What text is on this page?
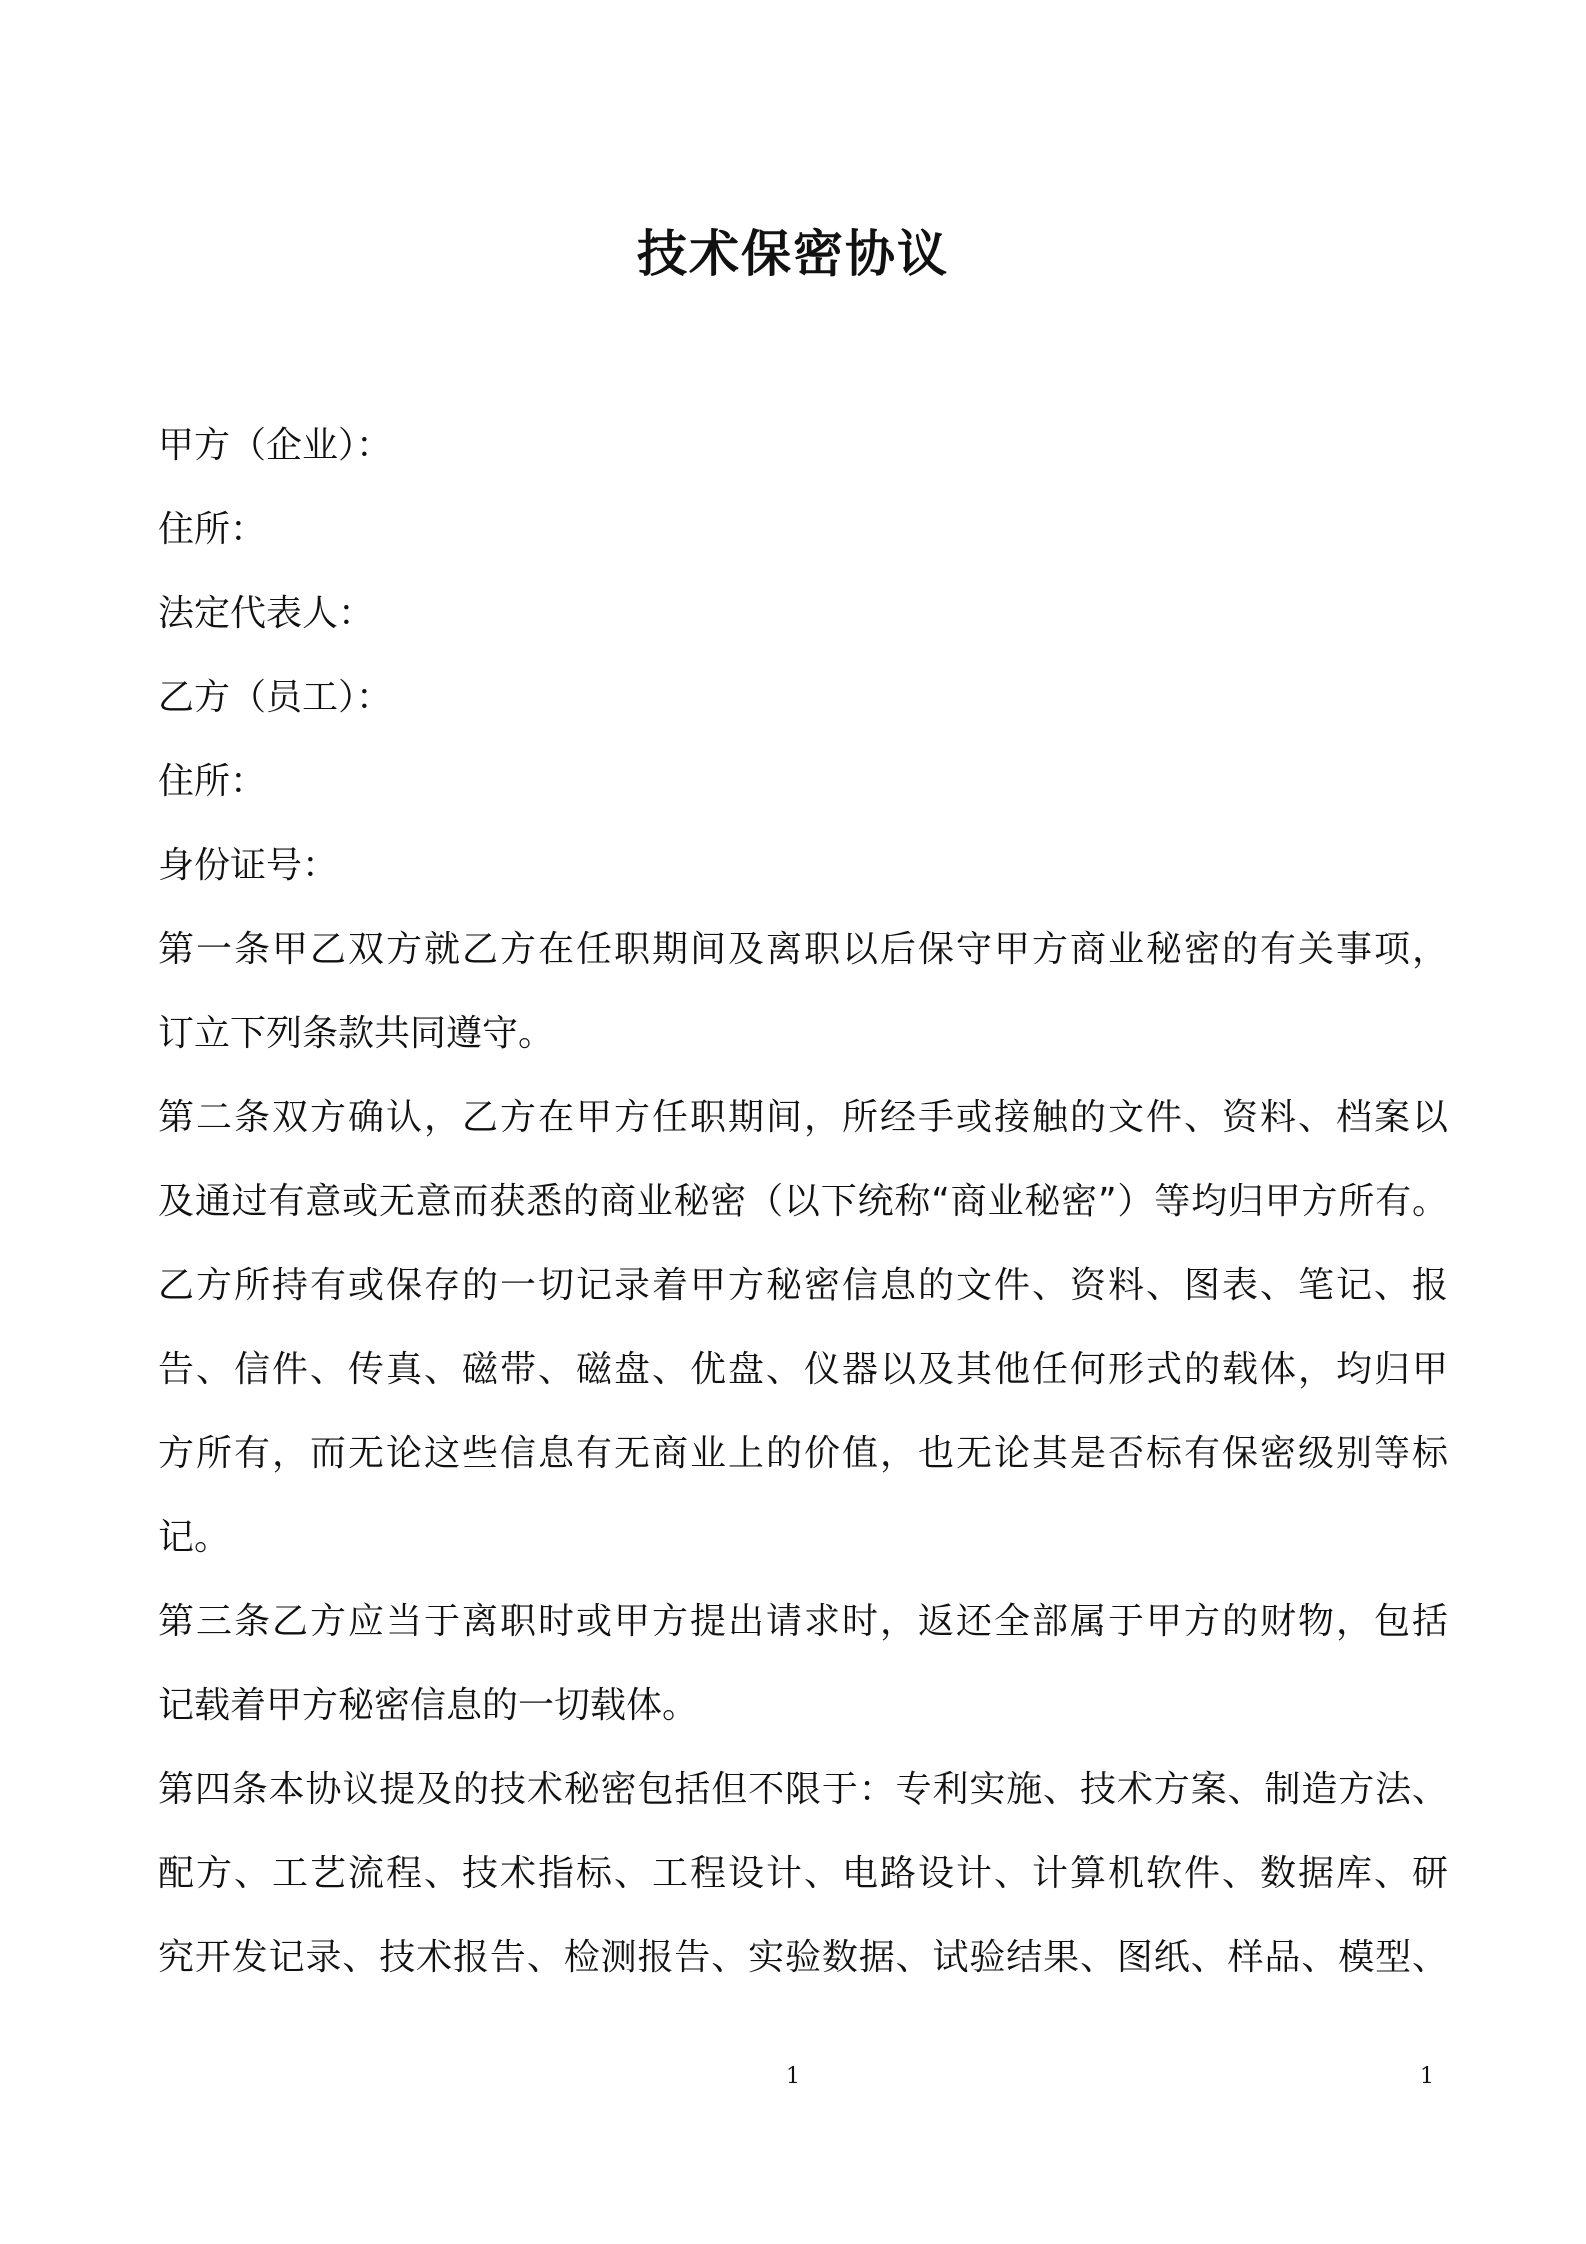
技术保密协议
甲方（企业）：
住所：
法定代表人：
乙方（员工）：
住所：
身份证号：
第一条甲乙双方就乙方在任职期间及离职以后保守甲方商业秘密的有关事项，
订立下列条款共同遵守。
第二条双方确认，乙方在甲方任职期间，所经手或接触的文件、资料、档案以
及通过有意或无意而获悉的商业秘密（以下统称“商业秘密”）等均归甲方所有。
乙方所持有或保存的一切记录着甲方秘密信息的文件、资料、图表、笔记、报
告、信件、传真、磁带、磁盘、优盘、仪器以及其他任何形式的载体，均归甲
方所有，而无论这些信息有无商业上的价值，也无论其是否标有保密级别等标
记。
第三条乙方应当于离职时或甲方提出请求时，返还全部属于甲方的财物，包括
记载着甲方秘密信息的一切载体。
第四条本协议提及的技术秘密包括但不限于：专利实施、技术方案、制造方法、
配方、工艺流程、技术指标、工程设计、电路设计、计算机软件、数据库、研
究开发记录、技术报告、检测报告、实验数据、试验结果、图纸、样品、模型、
1	1
